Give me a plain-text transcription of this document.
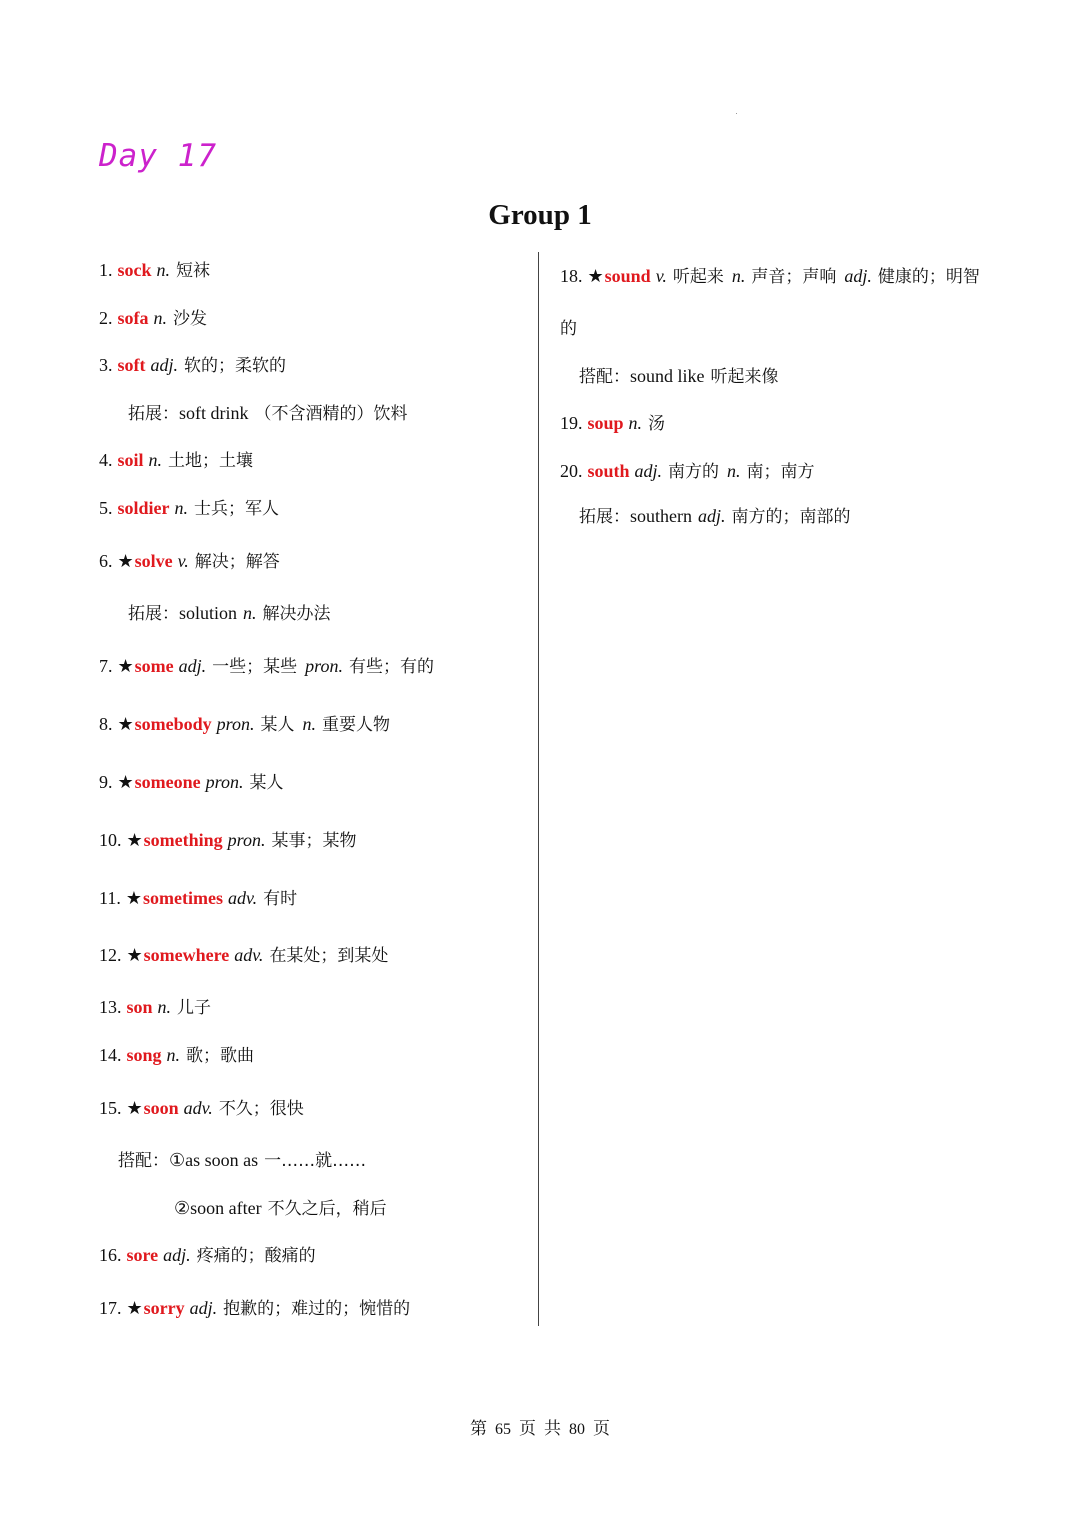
Day 17
Group 1
1. sock n. 短袜
2. sofa n. 沙发
3. soft adj. 软的；柔软的
拓展：soft drink （不含酒精的）饮料
4. soil n. 土地；土壤
5. soldier n. 士兵；军人
6. ★solve v. 解决；解答
拓展：solution n. 解决办法
7. ★some adj. 一些；某些 pron. 有些；有的
8. ★somebody pron. 某人 n. 重要人物
9. ★someone pron. 某人
10. ★something pron. 某事；某物
11. ★sometimes adv. 有时
12. ★somewhere adv. 在某处；到某处
13. son n. 儿子
14. song n. 歌；歌曲
15. ★soon adv. 不久；很快
搭配：①as soon as 一……就……
②soon after 不久之后，稍后
16. sore adj. 疼痛的；酸痛的
17. ★sorry adj. 抱歉的；难过的；惋惜的
18. ★sound v. 听起来 n. 声音；声响 adj. 健康的；明智
的
搭配：sound like 听起来像
19. soup n. 汤
20. south adj. 南方的 n. 南；南方
拓展：southern adj. 南方的；南部的
第 65 页 共 80 页
